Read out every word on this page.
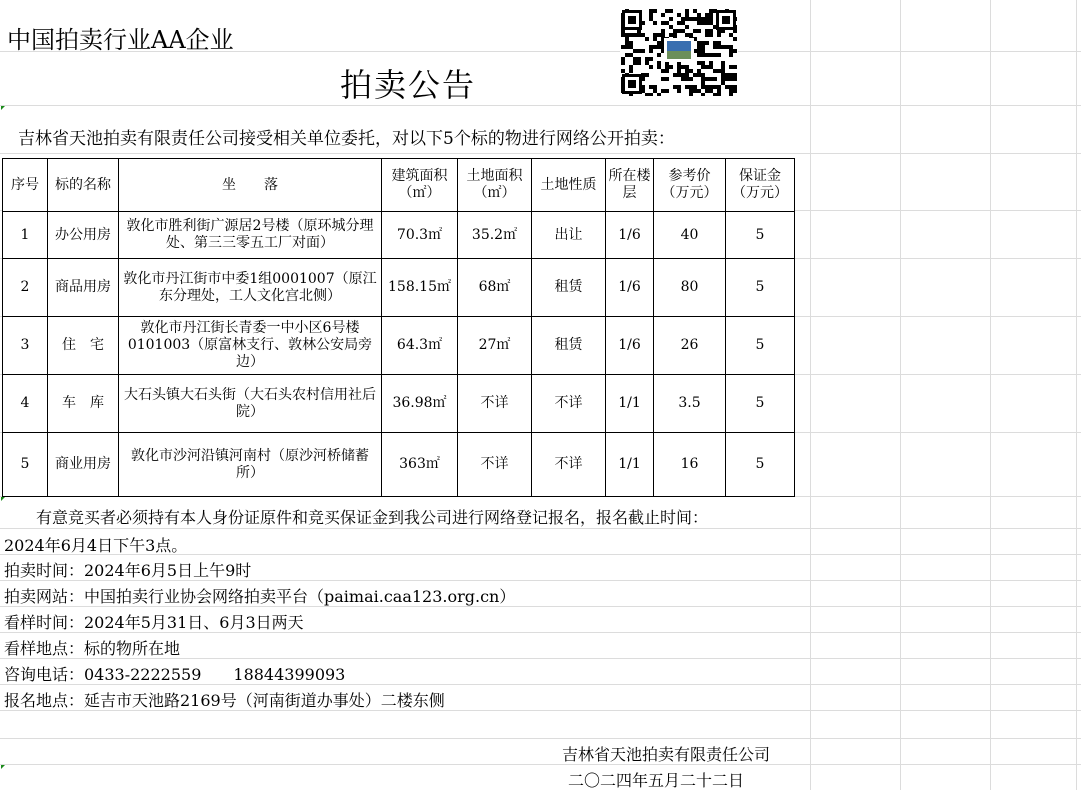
中国拍卖行业AA企业
拍卖公告
吉林省天池拍卖有限责任公司接受相关单位委托，对以下5个标的物进行网络公开拍卖：
序号	标的名称	坐　　落	建筑面积（㎡）	土地面积（㎡）	土地性质	所在楼层	参考价（万元）	保证金（万元）
1	办公用房	敦化市胜利街广源居2号楼（原环城分理处、第三三零五工厂对面）	70.3㎡	35.2㎡	出让	1/6	40	5
2	商品用房	敦化市丹江街市中委1组0001007（原江东分理处，工人文化宫北侧）	158.15㎡	68㎡	租赁	1/6	80	5
3	住　宅	敦化市丹江街长青委一中小区6号楼0101003（原富林支行、敦林公安局旁边）	64.3㎡	27㎡	租赁	1/6	26	5
4	车　库	大石头镇大石头街（大石头农村信用社后院）	36.98㎡	不详	不详	1/1	3.5	5
5	商业用房	敦化市沙河沿镇河南村（原沙河桥储蓄所）	363㎡	不详	不详	1/1	16	5
有意竞买者必须持有本人身份证原件和竞买保证金到我公司进行网络登记报名，报名截止时间：
2024年6月4日下午3点。
拍卖时间：2024年6月5日上午9时
拍卖网站：中国拍卖行业协会网络拍卖平台（paimai.caa123.org.cn）
看样时间：2024年5月31日、6月3日两天
看样地点：标的物所在地
咨询电话：0433-2222559　　18844399093
报名地点：延吉市天池路2169号（河南街道办事处）二楼东侧
吉林省天池拍卖有限责任公司
二〇二四年五月二十二日
